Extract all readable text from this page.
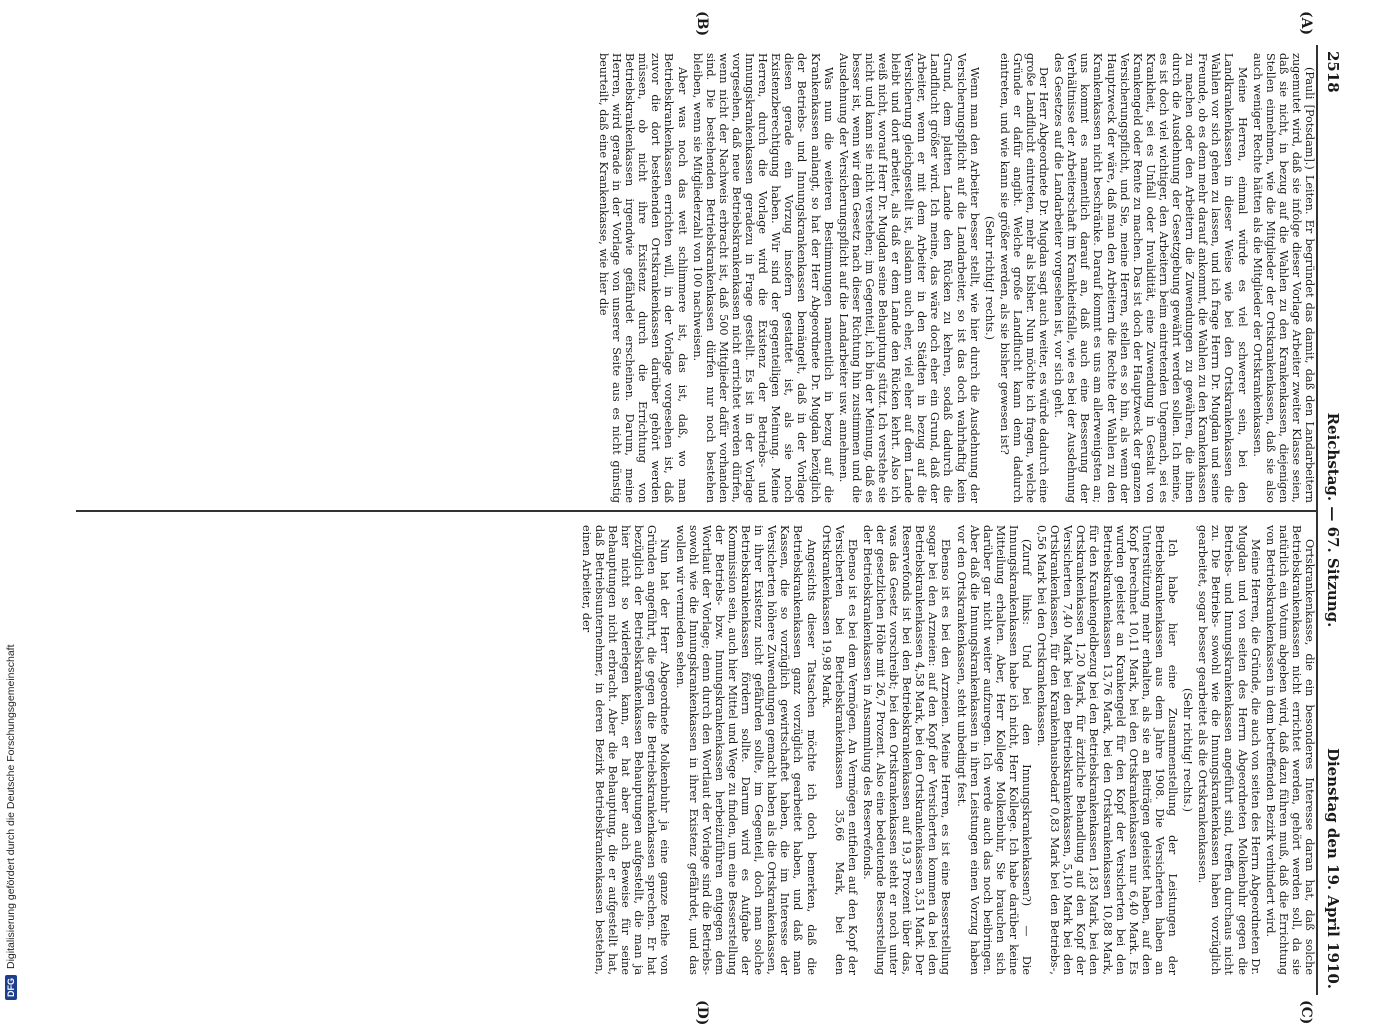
2518
Reichstag. — 67. Sitzung.
Dienstag den 19. April 1910.
(A)
(C)
(B)
(D)

(Pauli [Potsdam].) Leiten. Er begründet das damit, daß den Landarbeitern zugemutet wird, daß sie infolge dieser Vorlage Arbeiter zweiter Klasse seien, daß sie nicht, in bezug auf die Wahlen zu den Krankenkassen, diejenigen Stellen einnehmen, wie die Mitglieder der Ortskrankenkassen, daß sie also auch weniger Rechte hätten als die Mitglieder der Ortskrankenkassen.

Meine Herren, einmal würde es viel schwerer sein, bei den Landkrankenkassen in dieser Weise wie bei den Ortskrankenkassen die Wahlen vor sich gehen zu lassen, und ich frage Herrn Dr. Mugdan und seine Freunde, ob es denn mehr darauf ankommt, die Wahlen zu den Krankenkassen zu machen oder den Arbeitern die Zuwendungen zu gewähren, die ihnen durch die Ausdehnung der Gesetzgebung gewährt werden sollen. Ich meine, es ist doch viel wichtiger, den Arbeitern beim eintretenden Ungemach, sei es Krankheit, sei es Unfall oder Invalidität, eine Zuwendung in Gestalt von Krankengeld oder Rente zu machen. Das ist doch der Hauptzweck der ganzen Versicherungspflicht, und Sie, meine Herren, stellen es so hin, als wenn der Hauptzweck der wäre, daß man den Arbeitern die Rechte der Wahlen zu den Krankenkassen nicht beschränke. Darauf kommt es uns am allerwenigsten an; uns kommt es namentlich darauf an, daß auch eine Besserung der Verhältnisse der Arbeiterschaft im Krankheitsfalle, wie es bei der Ausdehnung des Gesetzes auf die Landarbeiter vorgesehen ist, vor sich geht.

Der Herr Abgeordnete Dr. Mugdan sagt auch weiter, es würde dadurch eine große Landflucht eintreten, mehr als bisher. Nun möchte ich fragen, welche Gründe er dafür angibt. Welche große Landflucht kann denn dadurch eintreten, und wie kann sie größer werden, als sie bisher gewesen ist?

(Sehr richtig! rechts.)

Wenn man den Arbeiter besser stellt, wie hier durch die Ausdehnung der Versicherungspflicht auf die Landarbeiter, so ist das doch wahrhaftig kein Grund, dem platten Lande den Rücken zu kehren, sodaß dadurch die Landflucht größer wird. Ich meine, das wäre doch eher ein Grund, daß der Arbeiter, wenn er mit dem Arbeiter in den Städten in bezug auf die Versicherung gleichgestellt ist, alsdann auch eher, viel eher auf dem Lande bleibt und dort arbeitet, als daß er dem Lande den Rücken kehrt. Also ich weiß nicht, worauf Herr Dr. Mugdan seine Behauptung stützt. Ich verstehe sie nicht und kann sie nicht verstehen; im Gegenteil, ich bin der Meinung, daß es besser ist, wenn wir dem Gesetz nach dieser Richtung hin zustimmen und die Ausdehnung der Versicherungspflicht auf die Landarbeiter usw. annehmen.

Was nun die weiteren Bestimmungen namentlich in bezug auf die Krankenkassen anlangt, so hat der Herr Abgeordnete Dr. Mugdan bezüglich der Betriebs- und Innungskrankenkassen bemängelt, daß in der Vorlage diesen gerade ein Vorzug insofern gestattet ist, als sie noch Existenzberechtigung haben. Wir sind der gegenteiligen Meinung. Meine Herren, durch die Vorlage wird die Existenz der Betriebs- und Innungskrankenkassen geradezu in Frage gestellt. Es ist in der Vorlage vorgesehen, daß neue Betriebskrankenkassen nicht errichtet werden dürfen, wenn nicht der Nachweis erbracht ist, daß 500 Mitglieder dafür vorhanden sind. Die bestehenden Betriebskrankenkassen dürfen nur noch bestehen bleiben, wenn sie Mitgliederzahl von 100 nachweisen.

Aber was noch das weit schlimmere ist, das ist, daß, wo man Betriebskrankenkassen errichten will, in der Vorlage vorgesehen ist, daß zuvor die dort bestehenden Ortskrankenkassen darüber gehört werden müssen, ob nicht ihre Existenz durch die Errichtung von Betriebskrankenkassen irgendwie gefährdet erscheinen. Darum, meine Herren, wird gerade in der Vorlage von unserer Seite aus es nicht günstig beurteilt, daß eine Krankenkasse, wie hier die

Ortskrankenkasse, die ein besonderes Interesse daran hat, daß solche Betriebskrankenkassen nicht errichtet werden, gehört werden soll, da sie natürlich ein Votum abgeben wird, daß dazu führen muß, daß die Errichtung von Betriebskrankenkassen in dem betreffenden Bezirk verhindert wird.

Meine Herren, die Gründe, die auch von seiten des Herrn Abgeordneten Dr. Mugdan und von seiten des Herrn Abgeordneten Molkenbuhr gegen die Betriebs- und Innungskrankenkassen angeführt sind, treffen durchaus nicht zu. Die Betriebs- sowohl wie die Innungskrankenkassen haben vorzüglich gearbeitet, sogar besser gearbeitet als die Ortskrankenkassen.

(Sehr richtig! rechts.)

Ich habe hier eine Zusammenstellung der Leistungen der Betriebskrankenkassen aus dem Jahre 1908. Die Versicherten haben an Unterstützung mehr erhalten, als sie an Beiträgen geleistet haben, auf den Kopf berechnet 10,11 Mark, bei den Ortskrankenkassen nur 6,40 Mark. Es wurden geleistet an Krankengeld für den Kopf der Versicherten bei den Betriebskrankenkassen 13,76 Mark, bei den Ortskrankenkassen 10,88 Mark, für den Krankengeldbezug bei den Betriebskrankenkassen 1,83 Mark, bei den Ortskrankenkassen 1,20 Mark, für ärztliche Behandlung auf den Kopf der Versicherten 7,40 Mark bei den Betriebskrankenkassen, 5,10 Mark bei den Ortskrankenkassen, für den Krankenhausbedarf 0,83 Mark bei den Betriebs-, 0,56 Mark bei den Ortskrankenkassen.

(Zuruf links: Und bei den Innungskrankenkassen?) — Die Innungskrankenkassen habe ich nicht, Herr Kollege. Ich habe darüber keine Mitteilung erhalten. Aber, Herr Kollege Molkenbuhr, Sie brauchen sich darüber gar nicht weiter aufzuregen. Ich werde auch das noch beibringen. Aber daß die Innungskrankenkassen in ihren Leistungen einen Vorzug haben vor den Ortskrankenkassen, steht unbedingt fest.

Ebenso ist es bei den Arzneien. Meine Herren, es ist eine Besserstellung sogar bei den Arzneien: auf den Kopf der Versicherten kommen da bei den Betriebskrankenkassen 4,58 Mark, bei den Ortskrankenkassen 3,51 Mark. Der Reservefonds ist bei den Betriebskrankenkassen auf 19,3 Prozent über das, was das Gesetz vorschreibt; bei den Ortskrankenkassen steht er noch unter der gesetzlichen Höhe mit 26,7 Prozent. Also eine bedeutende Besserstellung der Betriebskrankenkassen in Ansammlung des Reservefonds.

Ebenso ist es bei dem Vermögen. An Vermögen entfielen auf den Kopf der Versicherten bei Betriebskrankenkassen 35,66 Mark, bei den Ortskrankenkassen 19,98 Mark.

Angesichts dieser Tatsachen möchte ich doch bemerken, daß die Betriebskrankenkassen ganz vorzüglich gearbeitet haben, und daß man Kassen, die so vorzüglich gewirtschaftet haben, die im Interesse der Versicherten höhere Zuwendungen gemacht haben als die Ortskrankenkassen, in ihrer Existenz nicht gefährden sollte, im Gegenteil, doch man solche Betriebskrankenkassen fördern sollte. Darum wird es Aufgabe der Kommission sein, auch hier Mittel und Wege zu finden, um eine Besserstellung der Betriebs- bzw. Innungskrankenkassen herbeizuführen entgegen dem Wortlaut der Vorlage; denn durch den Wortlaut der Vorlage sind die Betriebs- sowohl wie die Innungskrankenkassen in ihrer Existenz gefährdet, und das wollen wir vermieden sehen.

Nun hat der Herr Abgeordnete Molkenbuhr ja eine ganze Reihe von Gründen angeführt, die gegen die Betriebskrankenkassen sprechen. Er hat bezüglich der Betriebskrankenkassen Behauptungen aufgestellt, die man ja hier nicht so widerlegen kann, er hat aber auch Beweise für seine Behauptungen nicht erbracht. Aber die Behauptung, die er aufgestellt hat, daß Betriebsunternehmer, in deren Bezirk Betriebskrankenkassen bestehen, einen Arbeiter, der

DFG
Digitalisierung gefördert durch die Deutsche Forschungsgemeinschaft
